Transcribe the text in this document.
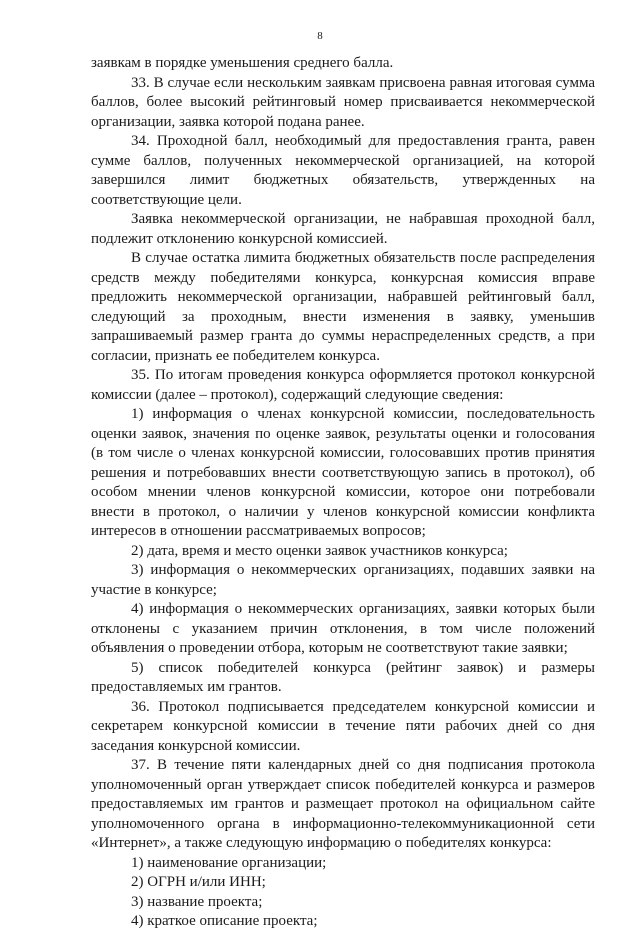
8

заявкам в порядке уменьшения среднего балла.

33. В случае если нескольким заявкам присвоена равная итоговая сумма баллов, более высокий рейтинговый номер присваивается некоммерческой организации, заявка которой подана ранее.

34. Проходной балл, необходимый для предоставления гранта, равен сумме баллов, полученных некоммерческой организацией, на которой завершился лимит бюджетных обязательств, утвержденных на соответствующие цели.

Заявка некоммерческой организации, не набравшая проходной балл, подлежит отклонению конкурсной комиссией.

В случае остатка лимита бюджетных обязательств после распределения средств между победителями конкурса, конкурсная комиссия вправе предложить некоммерческой организации, набравшей рейтинговый балл, следующий за проходным, внести изменения в заявку, уменьшив запрашиваемый размер гранта до суммы нераспределенных средств, а при согласии, признать ее победителем конкурса.

35. По итогам проведения конкурса оформляется протокол конкурсной комиссии (далее – протокол), содержащий следующие сведения:

1) информация о членах конкурсной комиссии, последовательность оценки заявок, значения по оценке заявок, результаты оценки и голосования (в том числе о членах конкурсной комиссии, голосовавших против принятия решения и потребовавших внести соответствующую запись в протокол), об особом мнении членов конкурсной комиссии, которое они потребовали внести в протокол, о наличии у членов конкурсной комиссии конфликта интересов в отношении рассматриваемых вопросов;

2) дата, время и место оценки заявок участников конкурса;

3) информация о некоммерческих организациях, подавших заявки на участие в конкурсе;

4) информация о некоммерческих организациях, заявки которых были отклонены с указанием причин отклонения, в том числе положений объявления о проведении отбора, которым не соответствуют такие заявки;

5) список победителей конкурса (рейтинг заявок) и размеры предоставляемых им грантов.

36. Протокол подписывается председателем конкурсной комиссии и секретарем конкурсной комиссии в течение пяти рабочих дней со дня заседания конкурсной комиссии.

37. В течение пяти календарных дней со дня подписания протокола уполномоченный орган утверждает список победителей конкурса и размеров предоставляемых им грантов и размещает протокол на официальном сайте уполномоченного органа в информационно-телекоммуникационной сети «Интернет», а также следующую информацию о победителях конкурса:

1) наименование организации;

2) ОГРН и/или ИНН;

3) название проекта;

4) краткое описание проекта;
